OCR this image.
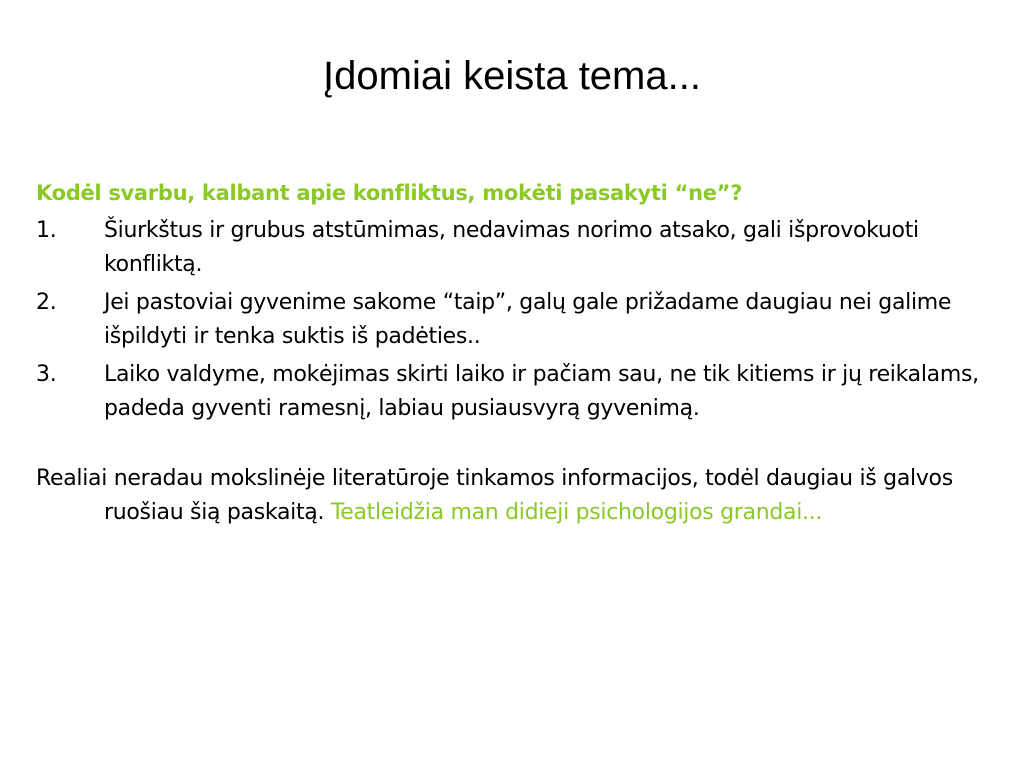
Įdomiai keista tema...
Kodėl svarbu, kalbant apie konfliktus, mokėti pasakyti “ne”?
1.	Šiurkštus ir grubus atstūmimas, nedavimas norimo atsako, gali išprovokuoti konfliktą.
2.	Jei pastoviai gyvenime sakome “taip”, galų gale prižadame daugiau nei galime išpildyti ir tenka suktis iš padėties..
3.	Laiko valdyme, mokėjimas skirti laiko ir pačiam sau, ne tik kitiems ir jų reikalams, padeda gyventi ramesnį, labiau pusiausvyrą gyvenimą.

Realiai neradau mokslinėje literatūroje tinkamos informacijos, todėl daugiau iš galvos ruošiau šią paskaitą. Teatleidžia man didieji psichologijos grandai...
